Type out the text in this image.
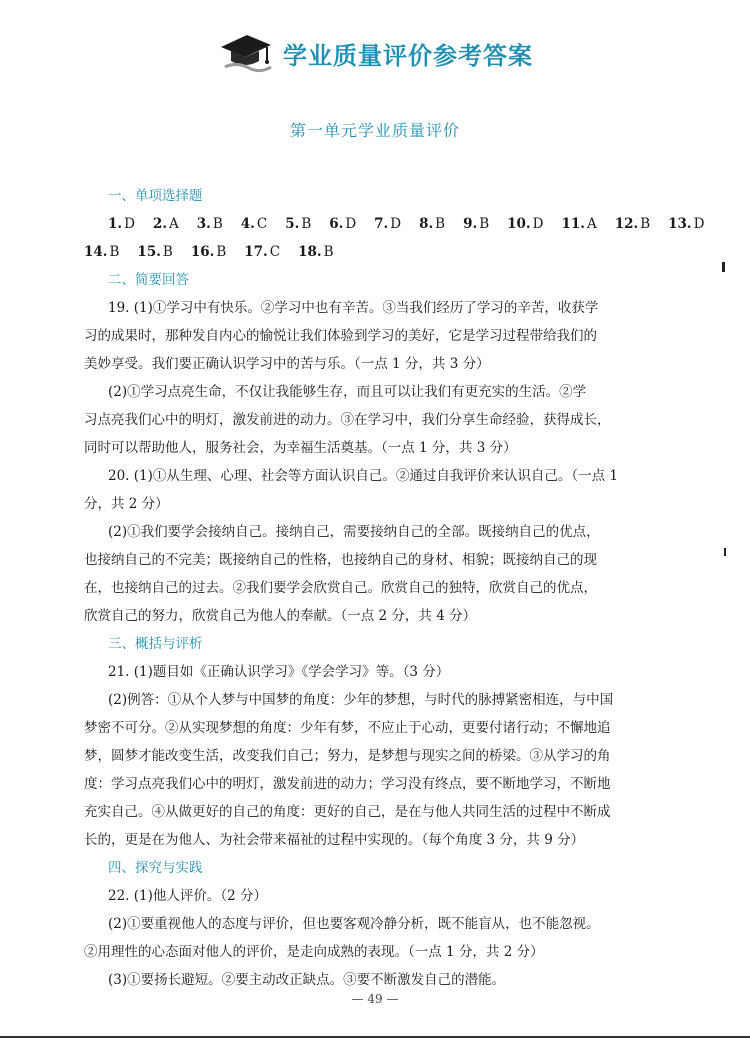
学业质量评价参考答案
第一单元学业质量评价
一、单项选择题
1. D 2. A 3. B 4. C 5. B 6. D 7. D 8. B 9. B 10. D 11. A 12. B 13. D
14. B 15. B 16. B 17. C 18. B
二、简要回答
19. (1)①学习中有快乐。②学习中也有辛苦。③当我们经历了学习的辛苦，收获学
习的成果时，那种发自内心的愉悦让我们体验到学习的美好，它是学习过程带给我们的
美妙享受。我们要正确认识学习中的苦与乐。（一点 1 分，共 3 分）
(2)①学习点亮生命，不仅让我能够生存，而且可以让我们有更充实的生活。②学
习点亮我们心中的明灯，激发前进的动力。③在学习中，我们分享生命经验，获得成长，
同时可以帮助他人，服务社会，为幸福生活奠基。（一点 1 分，共 3 分）
20. (1)①从生理、心理、社会等方面认识自己。②通过自我评价来认识自己。（一点 1
分，共 2 分）
(2)①我们要学会接纳自己。接纳自己，需要接纳自己的全部。既接纳自己的优点，
也接纳自己的不完美；既接纳自己的性格，也接纳自己的身材、相貌；既接纳自己的现
在，也接纳自己的过去。②我们要学会欣赏自己。欣赏自己的独特，欣赏自己的优点，
欣赏自己的努力，欣赏自己为他人的奉献。（一点 2 分，共 4 分）
三、概括与评析
21. (1)题目如《正确认识学习》《学会学习》等。（3 分）
(2)例答：①从个人梦与中国梦的角度：少年的梦想，与时代的脉搏紧密相连，与中国
梦密不可分。②从实现梦想的角度：少年有梦，不应止于心动，更要付诸行动；不懈地追
梦，圆梦才能改变生活，改变我们自己；努力，是梦想与现实之间的桥梁。③从学习的角
度：学习点亮我们心中的明灯，激发前进的动力；学习没有终点，要不断地学习，不断地
充实自己。④从做更好的自己的角度：更好的自己，是在与他人共同生活的过程中不断成
长的，更是在为他人、为社会带来福祉的过程中实现的。（每个角度 3 分，共 9 分）
四、探究与实践
22. (1)他人评价。（2 分）
(2)①要重视他人的态度与评价，但也要客观冷静分析，既不能盲从，也不能忽视。
②用理性的心态面对他人的评价，是走向成熟的表现。（一点 1 分，共 2 分）
(3)①要扬长避短。②要主动改正缺点。③要不断激发自己的潜能。
— 49 —
